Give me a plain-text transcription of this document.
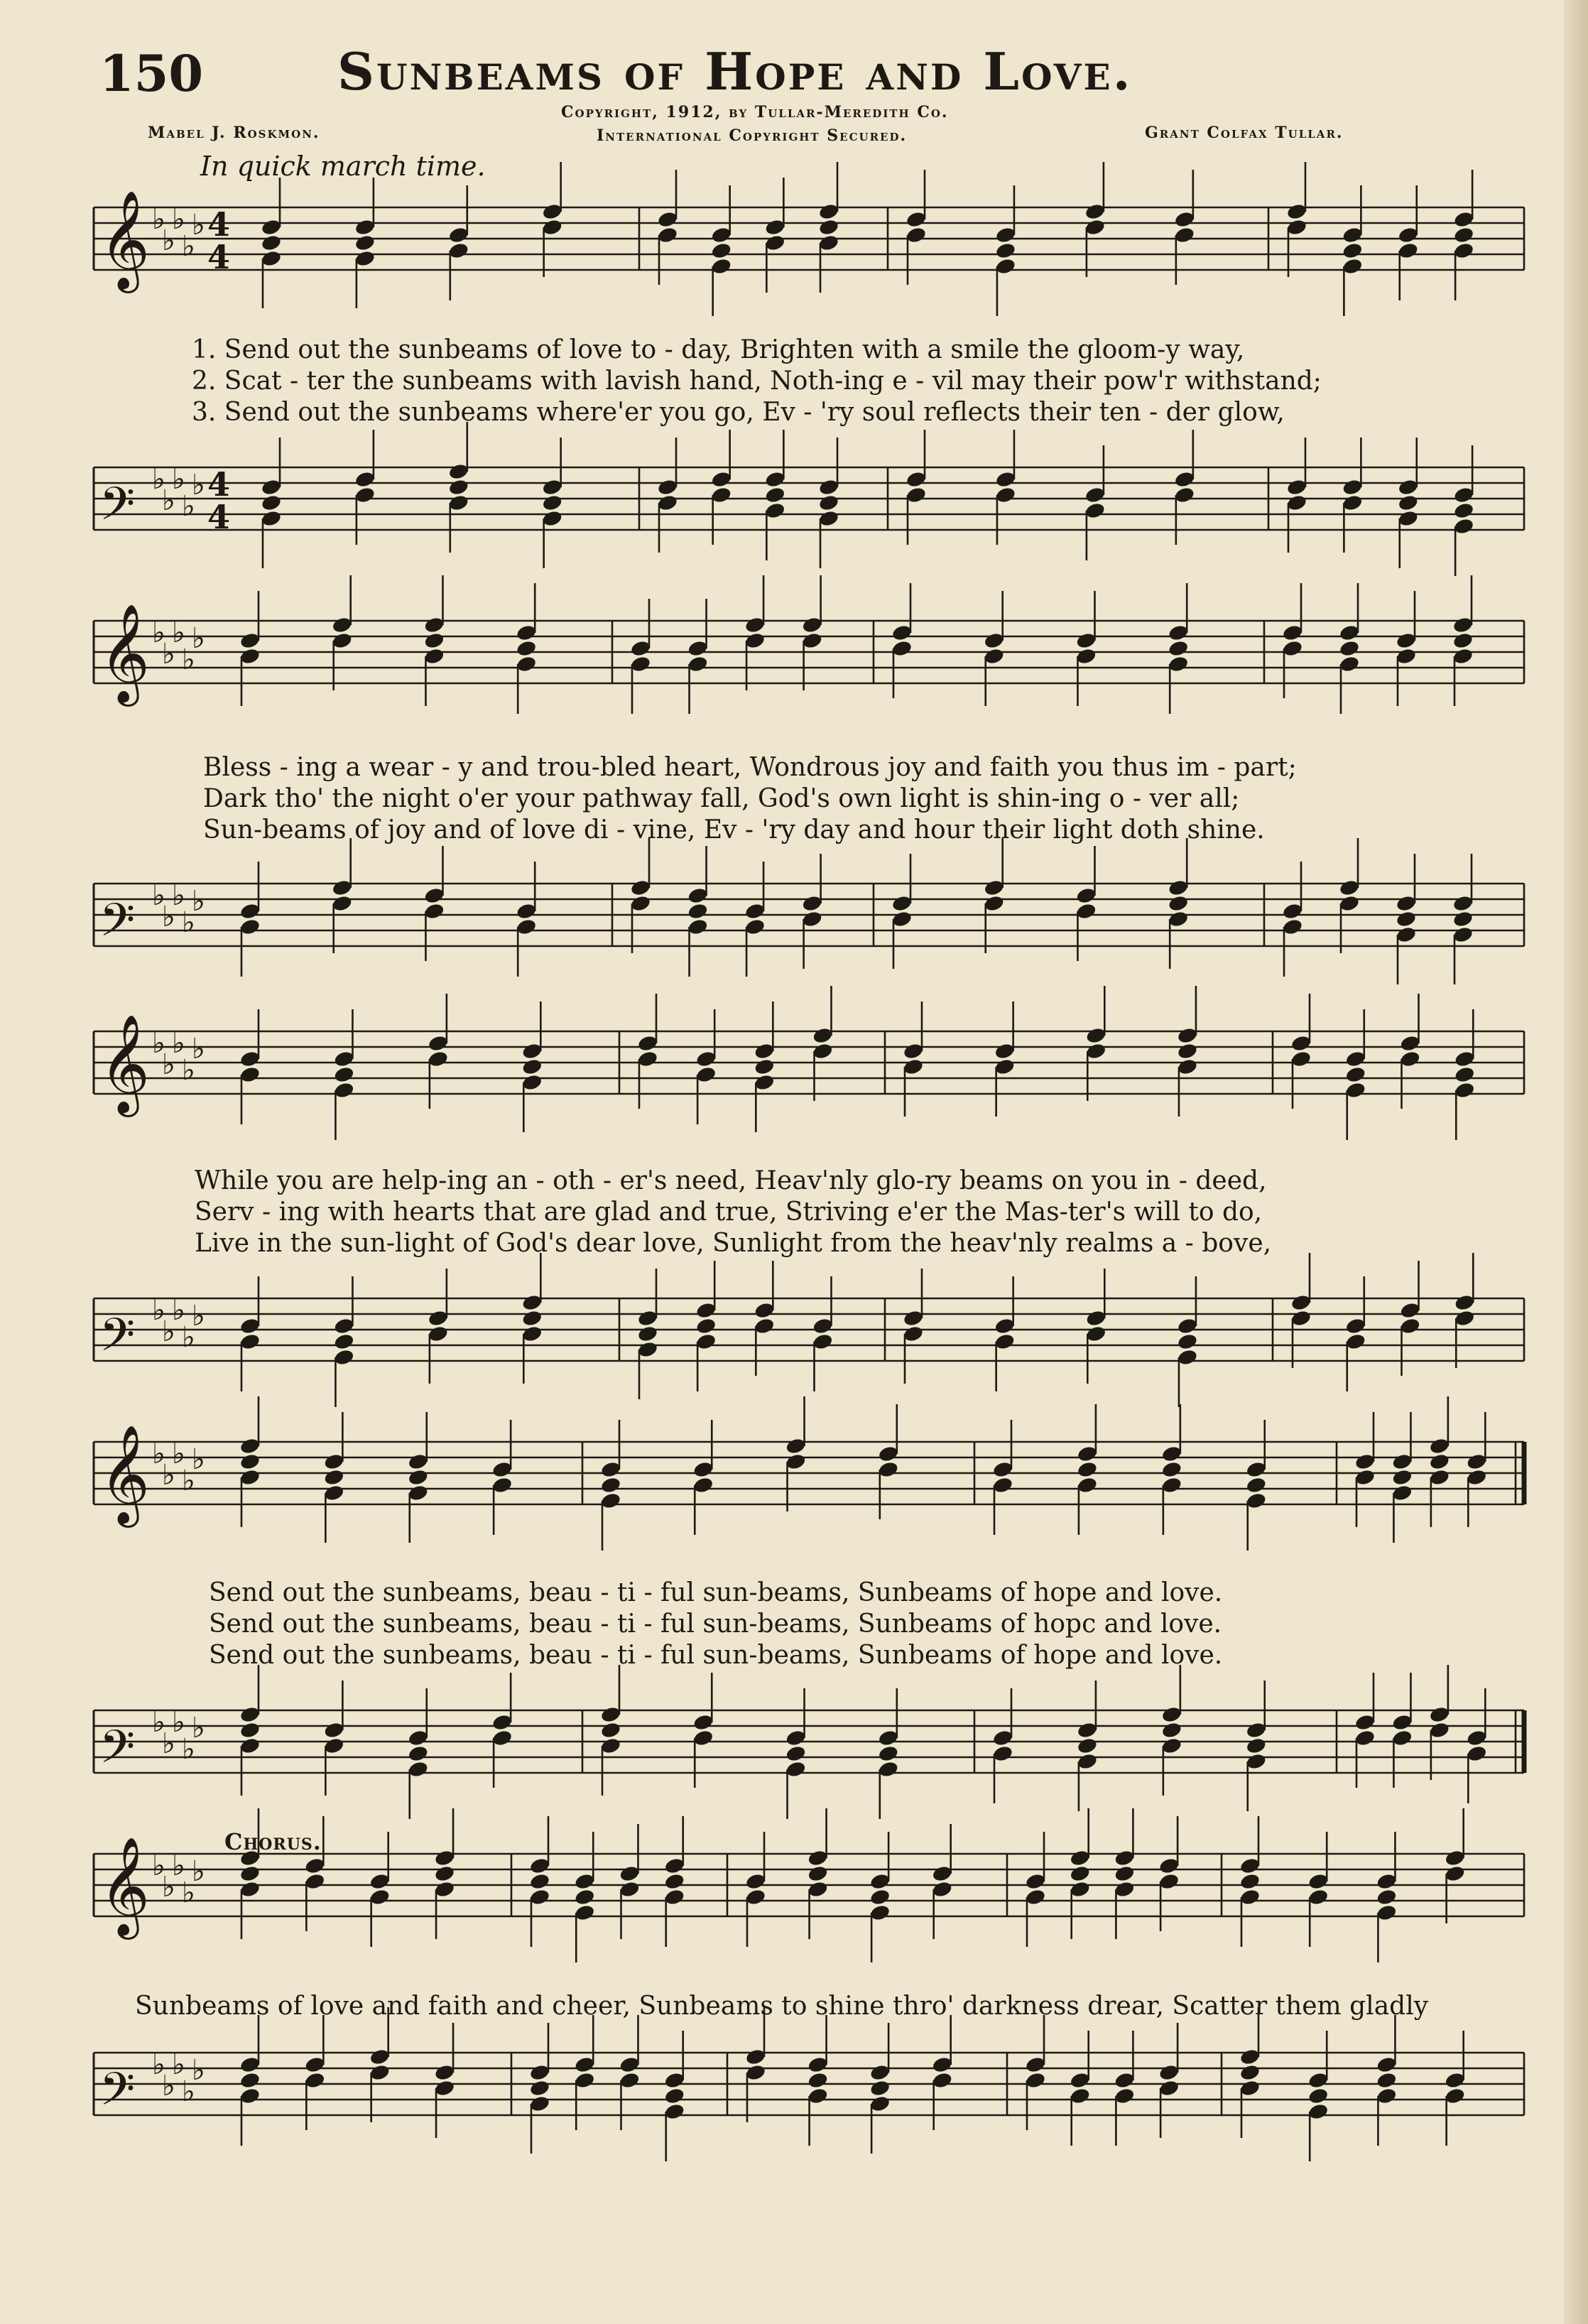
150	Sunbeams of Hope and Love.
Copyright, 1912, by Tullar-Meredith Co.
International Copyright Secured.
Mabel J. Roskmon.	Grant Colfax Tullar.
In quick march time.
𝄞 ♭
♭
♭
♭
♭ 4
4
𝄢 ♭
♭
♭
♭
♭ 4
4
𝄞 ♭
♭
♭
♭
♭
𝄢 ♭
♭
♭
♭
♭
𝄞 ♭
♭
♭
♭
♭
𝄢 ♭
♭
♭
♭
♭
𝄞 ♭
♭
♭
♭
♭
𝄢 ♭
♭
♭
♭
♭
𝄞 ♭
♭
♭
♭
♭
𝄢 ♭
♭
♭
♭
♭
1. Send out the sunbeams of love to - day, Brighten with a smile the gloom-y way,
2. Scat - ter the sunbeams with lavish hand, Noth-ing e - vil may their pow'r withstand;
3. Send out the sunbeams where'er you go, Ev - 'ry soul reflects their ten - der glow,
Bless - ing a wear - y and trou-bled heart, Wondrous joy and faith you thus im - part;
Dark tho' the night o'er your pathway fall, God's own light is shin-ing o - ver all;
Sun-beams of joy and of love di - vine, Ev - 'ry day and hour their light doth shine.
While you are help-ing an - oth - er's need, Heav'nly glo-ry beams on you in - deed,
Serv - ing with hearts that are glad and true, Striving e'er the Mas-ter's will to do,
Live in the sun-light of God's dear love, Sunlight from the heav'nly realms a - bove,
Send out the sunbeams, beau - ti - ful sun-beams, Sunbeams of hope and love.
Send out the sunbeams, beau - ti - ful sun-beams, Sunbeams of hopc and love.
Send out the sunbeams, beau - ti - ful sun-beams, Sunbeams of hope and love.
Chorus.
Sunbeams of love and faith and cheer, Sunbeams to shine thro' darkness drear, Scatter them gladly
